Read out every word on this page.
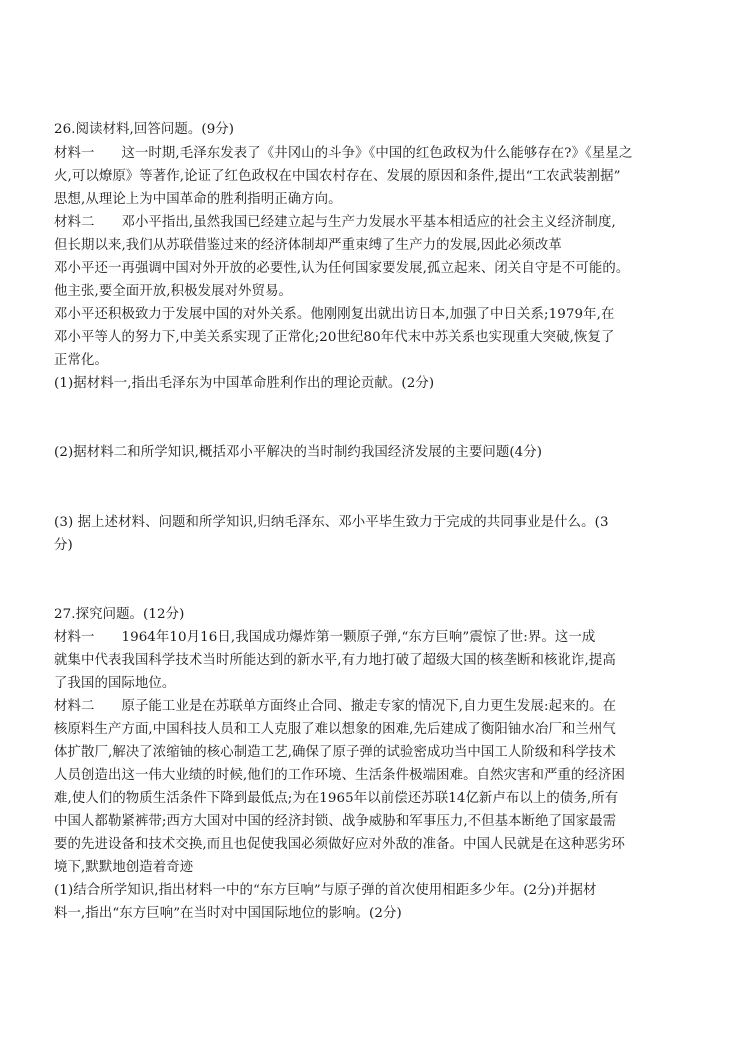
26.阅读材料,回答问题。(9分)
材料一　　这一时期,毛泽东发表了《井冈山的斗争》《中国的红色政权为什么能够存在?》《星星之
火,可以燎原》等著作,论证了红色政权在中国农村存在、发展的原因和条件,提出“工农武装割据”
思想,从理论上为中国革命的胜利指明正确方向。
材料二　　邓小平指出,虽然我国已经建立起与生产力发展水平基本相适应的社会主义经济制度,
但长期以来,我们从苏联借鉴过来的经济体制却严重束缚了生产力的发展,因此必须改革
邓小平还一再强调中国对外开放的必要性,认为任何国家要发展,孤立起来、闭关自守是不可能的。
他主张,要全面开放,积极发展对外贸易。
邓小平还积极致力于发展中国的对外关系。他刚刚复出就出访日本,加强了中日关系;1979年,在
邓小平等人的努力下,中美关系实现了正常化;20世纪80年代末中苏关系也实现重大突破,恢复了
正常化。
(1)据材料一,指出毛泽东为中国革命胜利作出的理论贡献。(2分)
(2)据材料二和所学知识,概括邓小平解决的当时制约我国经济发展的主要问题(4分)
(3) 据上述材料、问题和所学知识,归纳毛泽东、邓小平毕生致力于完成的共同事业是什么。(3
分)
27.探究问题。(12分)
材料一　　1964年10月16日,我国成功爆炸第一颗原子弹,“东方巨响”震惊了世:界。这一成
就集中代表我国科学技术当时所能达到的新水平,有力地打破了超级大国的核垄断和核讹诈,提高
了我国的国际地位。
材料二　　原子能工业是在苏联单方面终止合同、撤走专家的情况下,自力更生发展:起来的。在
核原料生产方面,中国科技人员和工人克服了难以想象的困难,先后建成了衡阳铀水冶厂和兰州气
体扩散厂,解决了浓缩铀的核心制造工艺,确保了原子弹的试验密成功当中国工人阶级和科学技术
人员创造出这一伟大业绩的时候,他们的工作环境、生活条件极端困难。自然灾害和严重的经济困
难,使人们的物质生活条件下降到最低点;为在1965年以前偿还苏联14亿新卢布以上的债务,所有
中国人都勒紧裤带;西方大国对中国的经济封锁、战争威胁和军事压力,不但基本断绝了国家最需
要的先进设备和技术交换,而且也促使我国必须做好应对外敌的准备。中国人民就是在这种恶劣环
境下,默默地创造着奇迹
(1)结合所学知识,指出材料一中的“东方巨响”与原子弹的首次使用相距多少年。(2分)并据材
料一,指出“东方巨响”在当时对中国国际地位的影响。(2分)
